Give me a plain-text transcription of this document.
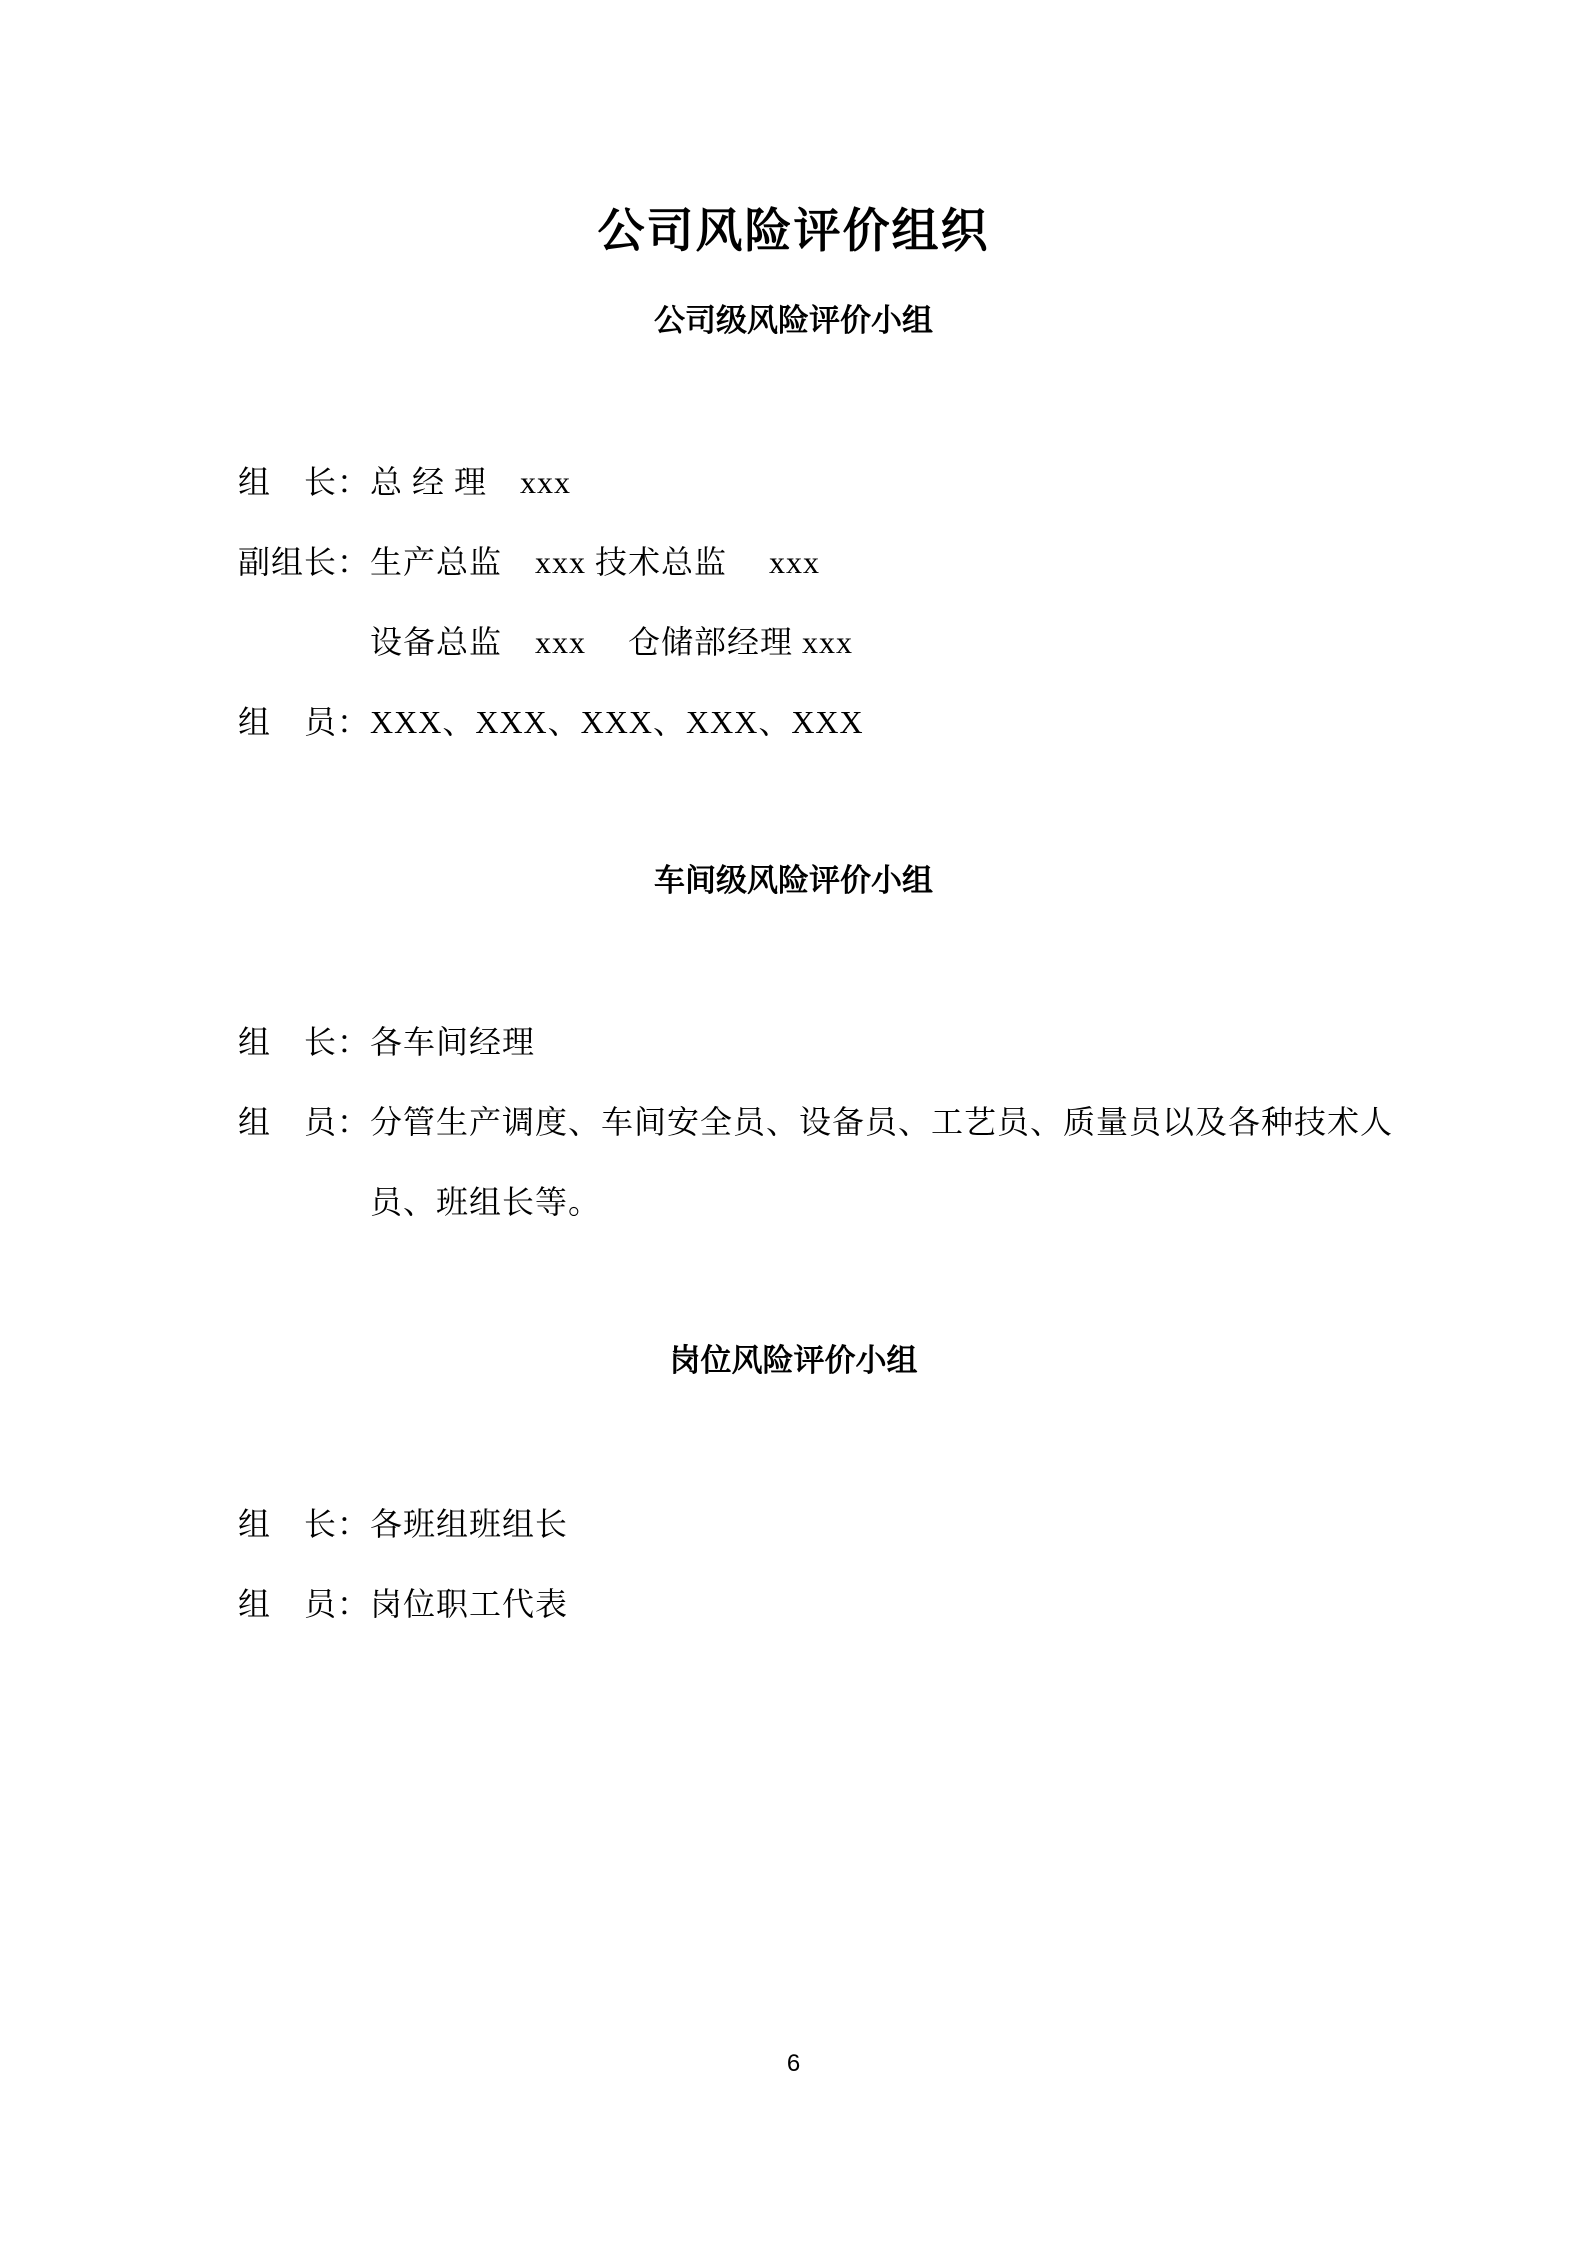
公司风险评价组织
公司级风险评价小组

组　长：总 经 理　xxx

副组长：生产总监　xxx 技术总监　 xxx

设备总监　xxx　 仓储部经理 xxx

组　员：XXX、XXX、XXX、XXX、XXX

车间级风险评价小组

组　长：各车间经理

组　员：分管生产调度、车间安全员、设备员、工艺员、质量员以及各种技术人

员、班组长等。

岗位风险评价小组

组　长：各班组班组长

组　员：岗位职工代表

6
